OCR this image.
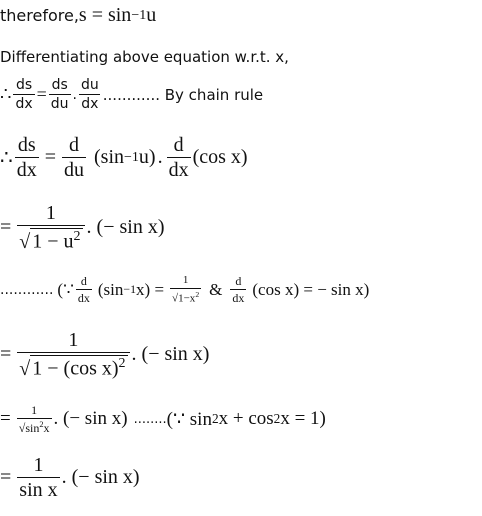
therefore, s = sin −1 u
Differentiating above equation w.r.t. x,
∴ $\frac{ds}{dx} = \frac{ds}{du}$ . $\frac{du}{dx}$ ............ By chain rule
∴ $\frac{ds}{dx} = \frac{d}{du} (\sin -1$ u) . $\frac{d}{dx} (\cos$ x)
= $\frac{1}{√ 1 - u^2}$ . (− sin x)
............ (∵ $\frac{d}{dx} (\sin -1$ $x) = \frac{1}{√1-x^2}$ & $\frac{d}{dx} (\cos$ x) = − sin x)
= $\frac{1}{√ 1 - (\cos x)^2}$ . (− sin x)
= $\frac{1}{√\sin^2x}$ . (− sin x) ........ (∵ sin 2 x + cos 2 x = 1)
= $\frac{1}{\text{sin x}}$ . (− sin x)
